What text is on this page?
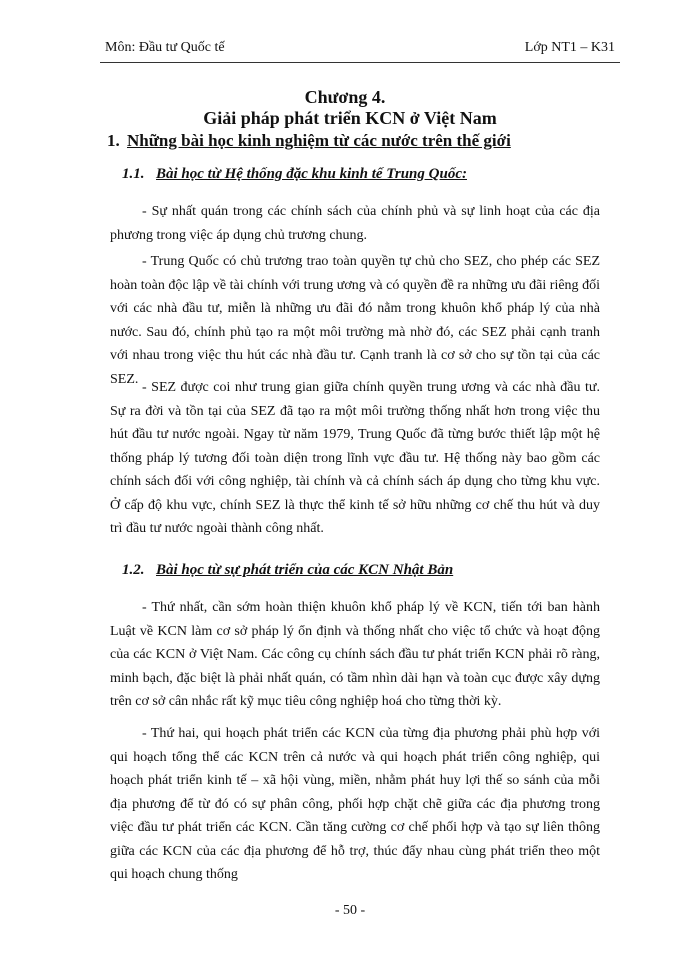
Môn: Đầu tư Quốc tế	Lớp NT1 – K31
Chương 4.
Giải pháp phát triển KCN ở Việt Nam
1. Những bài học kinh nghiệm từ các nước trên thế giới
1.1. Bài học từ Hệ thống đặc khu kinh tế Trung Quốc:

- Sự nhất quán trong các chính sách của chính phủ và sự linh hoạt của các địa phương trong việc áp dụng chủ trương chung.

- Trung Quốc có chủ trương trao toàn quyền tự chủ cho SEZ, cho phép các SEZ hoàn toàn độc lập về tài chính với trung ương và có quyền đề ra những ưu đãi riêng đối với các nhà đầu tư, miễn là những ưu đãi đó nằm trong khuôn khổ pháp lý của nhà nước. Sau đó, chính phủ tạo ra một môi trường mà nhờ đó, các SEZ phải cạnh tranh với nhau trong việc thu hút các nhà đầu tư. Cạnh tranh là cơ sở cho sự tồn tại của các SEZ.

- SEZ được coi như trung gian giữa chính quyền trung ương và các nhà đầu tư. Sự ra đời và tồn tại của SEZ đã tạo ra một môi trường thống nhất hơn trong việc thu hút đầu tư nước ngoài. Ngay từ năm 1979, Trung Quốc đã từng bước thiết lập một hệ thống pháp lý tương đối toàn diện trong lĩnh vực đầu tư. Hệ thống này bao gồm các chính sách đối với công nghiệp, tài chính và cả chính sách áp dụng cho từng khu vực. Ở cấp độ khu vực, chính SEZ là thực thể kinh tế sở hữu những cơ chế thu hút và duy trì đầu tư nước ngoài thành công nhất.

1.2. Bài học từ sự phát triển của các KCN Nhật Bản

- Thứ nhất, cần sớm hoàn thiện khuôn khổ pháp lý về KCN, tiến tới ban hành Luật về KCN làm cơ sở pháp lý ổn định và thống nhất cho việc tổ chức và hoạt động của các KCN ở Việt Nam. Các công cụ chính sách đầu tư phát triển KCN phải rõ ràng, minh bạch, đặc biệt là phải nhất quán, có tầm nhìn dài hạn và toàn cục được xây dựng trên cơ sở cân nhắc rất kỹ mục tiêu công nghiệp hoá cho từng thời kỳ.

- Thứ hai, qui hoạch phát triển các KCN của từng địa phương phải phù hợp với qui hoạch tổng thể các KCN trên cả nước và qui hoạch phát triển công nghiệp, qui hoạch phát triển kinh tế – xã hội vùng, miền, nhằm phát huy lợi thế so sánh của mỗi địa phương để từ đó có sự phân công, phối hợp chặt chẽ giữa các địa phương trong việc đầu tư phát triển các KCN. Cần tăng cường cơ chế phối hợp và tạo sự liên thông giữa các KCN của các địa phương để hỗ trợ, thúc đẩy nhau cùng phát triển theo một qui hoạch chung thống

- 50 -
